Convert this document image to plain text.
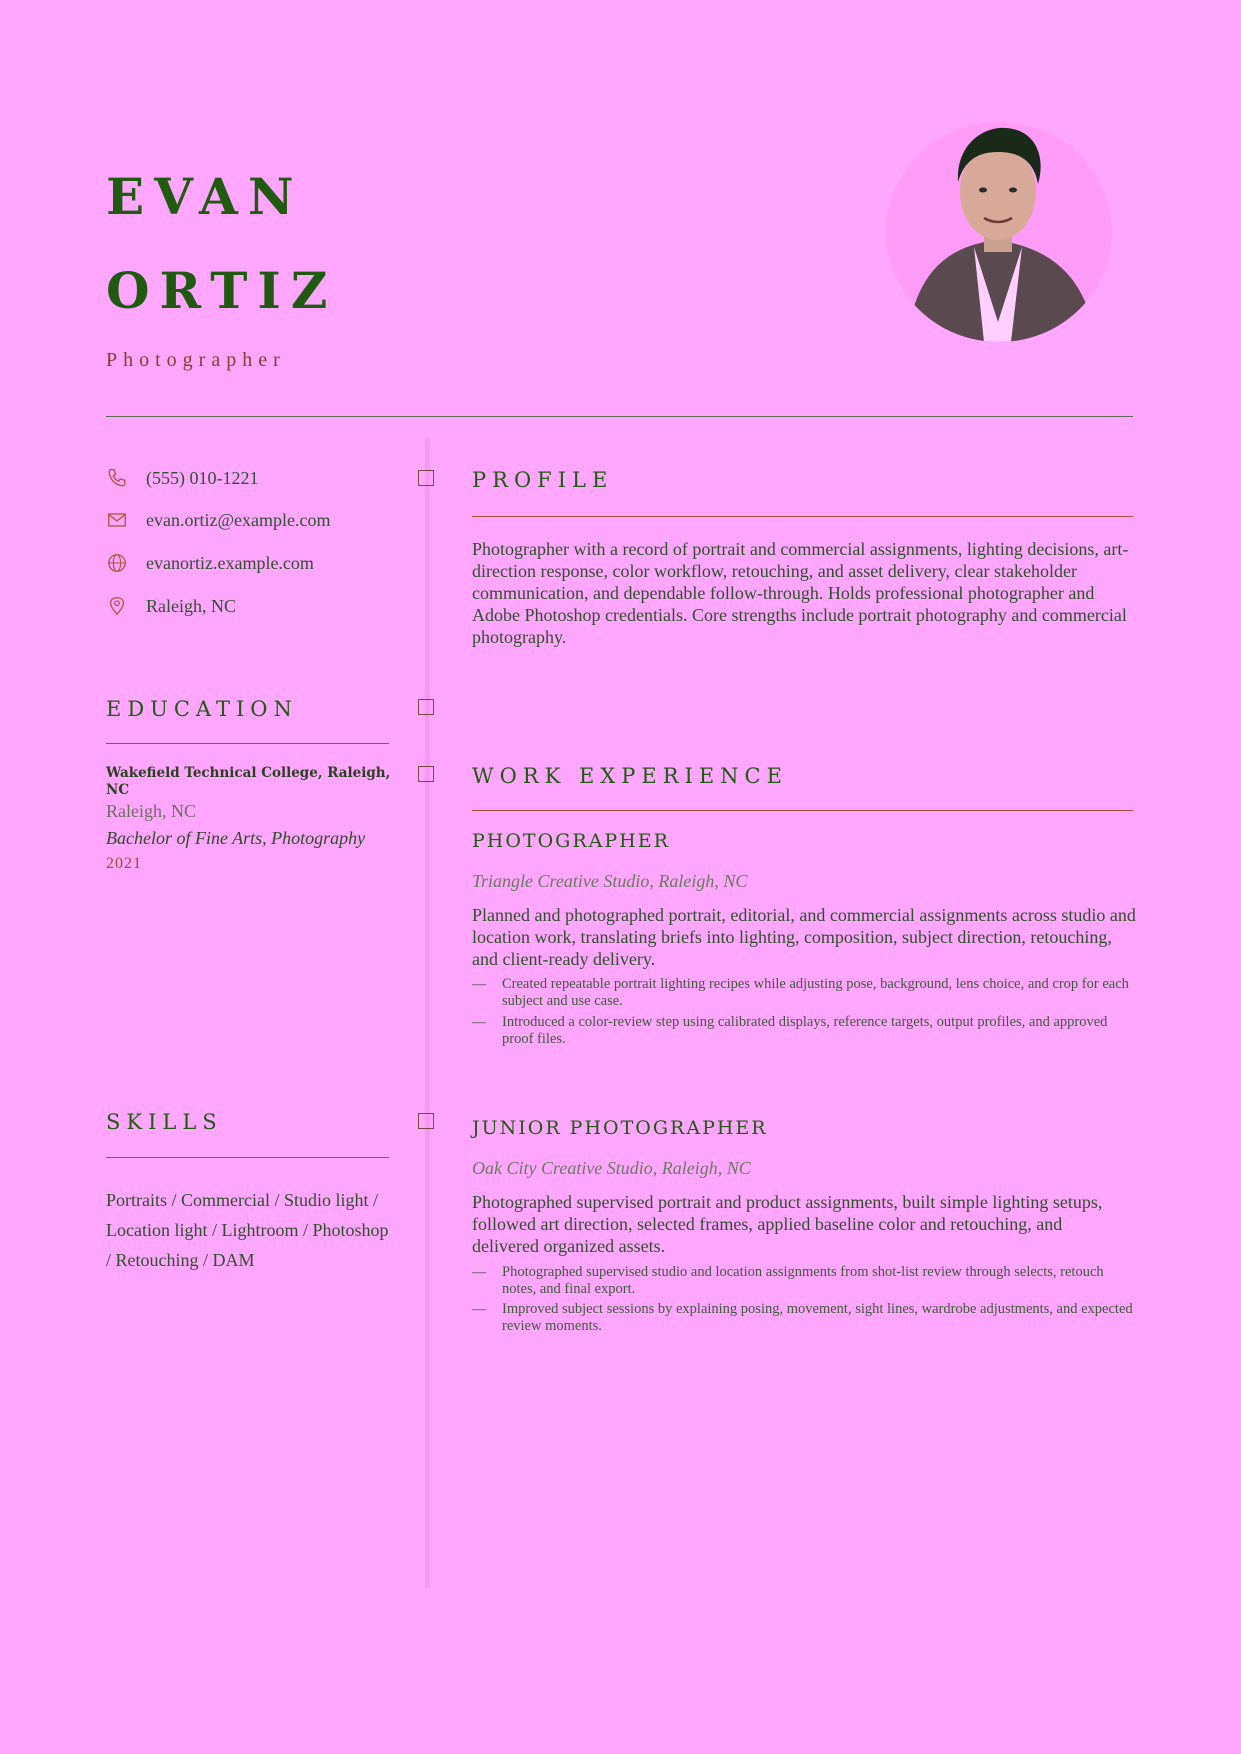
EVAN
ORTIZ
Photographer
(555) 010-1221
evan.ortiz@example.com
evanortiz.example.com
Raleigh, NC
EDUCATION
Wakefield Technical College, Raleigh, NC
Raleigh, NC
Bachelor of Fine Arts, Photography
2021
SKILLS
Portraits / Commercial / Studio light / Location light / Lightroom / Photoshop / Retouching / DAM
PROFILE
Photographer with a record of portrait and commercial assignments, lighting decisions, art-direction response, color workflow, retouching, and asset delivery, clear stakeholder communication, and dependable follow-through. Holds professional photographer and Adobe Photoshop credentials. Core strengths include portrait photography and commercial photography.
WORK EXPERIENCE
PHOTOGRAPHER
Triangle Creative Studio, Raleigh, NC
Planned and photographed portrait, editorial, and commercial assignments across studio and location work, translating briefs into lighting, composition, subject direction, retouching, and client-ready delivery.
—	Created repeatable portrait lighting recipes while adjusting pose, background, lens choice, and crop for each subject and use case.
—	Introduced a color-review step using calibrated displays, reference targets, output profiles, and approved proof files.
JUNIOR PHOTOGRAPHER
Oak City Creative Studio, Raleigh, NC
Photographed supervised portrait and product assignments, built simple lighting setups, followed art direction, selected frames, applied baseline color and retouching, and delivered organized assets.
—	Photographed supervised studio and location assignments from shot-list review through selects, retouch notes, and final export.
—	Improved subject sessions by explaining posing, movement, sight lines, wardrobe adjustments, and expected review moments.
